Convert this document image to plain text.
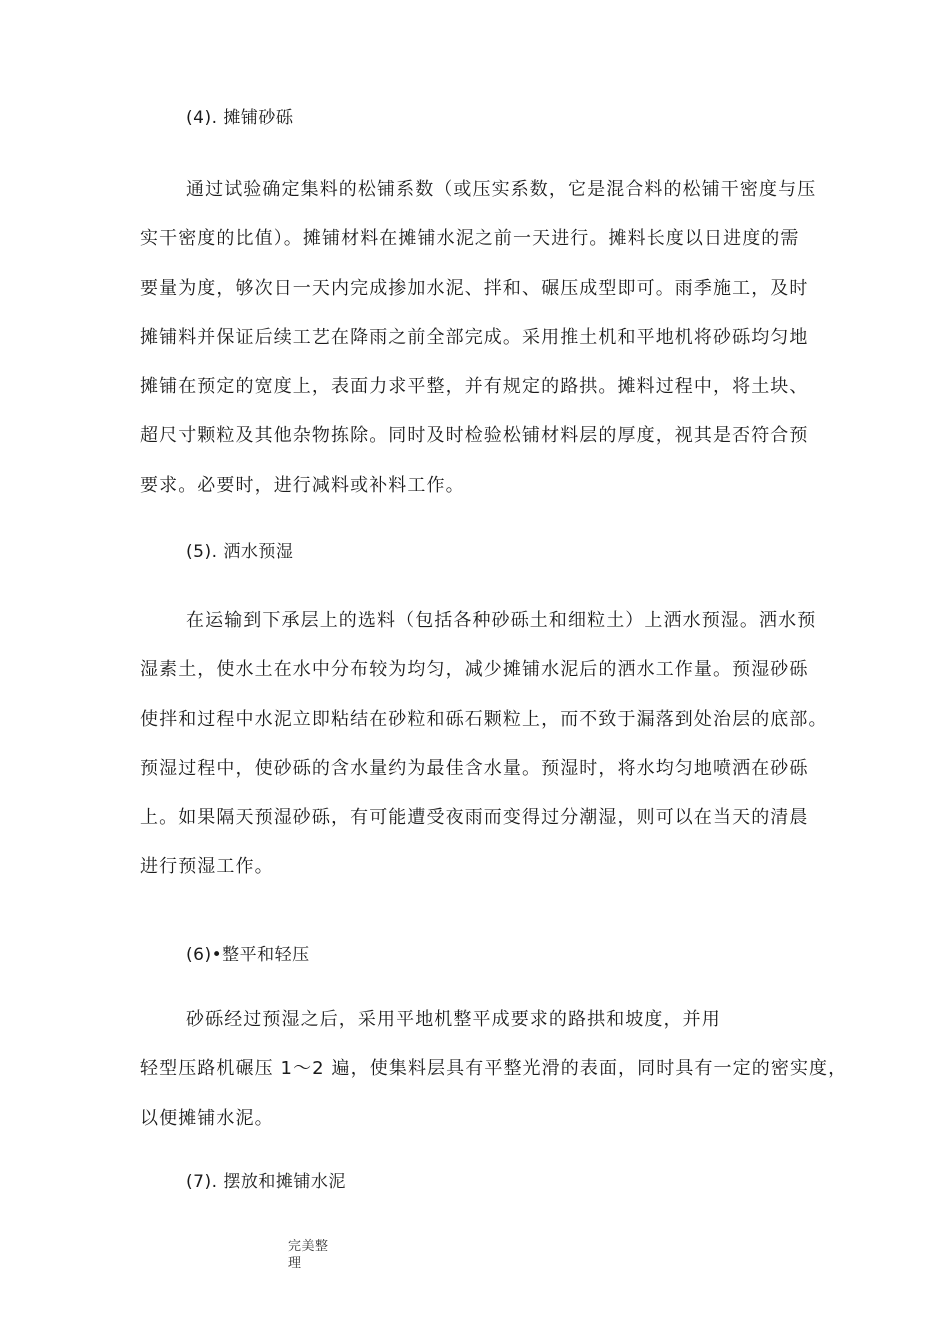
(4). 摊铺砂砾
通过试验确定集料的松铺系数（或压实系数，它是混合料的松铺干密度与压
实干密度的比值）。摊铺材料在摊铺水泥之前一天进行。摊料长度以日进度的需
要量为度，够次日一天内完成掺加水泥、拌和、碾压成型即可。雨季施工，及时
摊铺料并保证后续工艺在降雨之前全部完成。采用推土机和平地机将砂砾均匀地
摊铺在预定的宽度上，表面力求平整，并有规定的路拱。摊料过程中，将土块、
超尺寸颗粒及其他杂物拣除。同时及时检验松铺材料层的厚度，视其是否符合预
要求。必要时，进行减料或补料工作。
(5). 洒水预湿
在运输到下承层上的选料（包括各种砂砾土和细粒土）上洒水预湿。洒水预
湿素土，使水土在水中分布较为均匀，减少摊铺水泥后的洒水工作量。预湿砂砾
使拌和过程中水泥立即粘结在砂粒和砾石颗粒上，而不致于漏落到处治层的底部。
预湿过程中，使砂砾的含水量约为最佳含水量。预湿时，将水均匀地喷洒在砂砾
上。如果隔天预湿砂砾，有可能遭受夜雨而变得过分潮湿，则可以在当天的清晨
进行预湿工作。
(6)•整平和轻压
砂砾经过预湿之后，采用平地机整平成要求的路拱和坡度，并用
轻型压路机碾压 1〜2 遍，使集料层具有平整光滑的表面，同时具有一定的密实度，
以便摊铺水泥。
(7). 摆放和摊铺水泥
完美整
理
